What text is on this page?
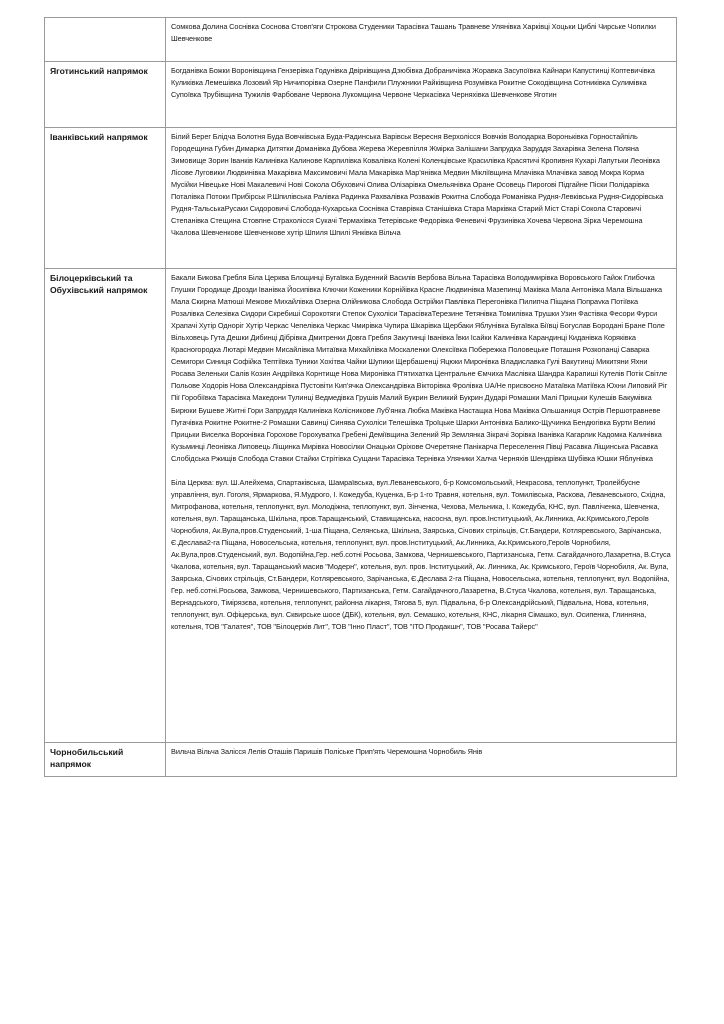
	Сомкова Долина Соснівка Соснова Стовп'яги Строкова Студеники Тарасівка Ташань Травневе Улянівка Харківці Хоцьки Циблі Чирське Чопилки Шевченкове

Яготинський напрямок	Богданівка Божки Воронівщина Гензерівка Годунівка Двірківщина Дзюбівка Добраничівка Жоравка Засупоївка Кайнари Капустинці Коптевичівка Куликівка Лемешівка Лозовий Яр Ничипорівка Озерне Панфили Плужники Райківщина Розумівка Рокитне Сокодівщина Сотниківка Сулимівка Супоївка Трубівщина Тужилів Фарбоване Червона Лукомщина Червоне Черкасівка Черняхівка Шевченкове Яготин

Іванківський напрямок	Білий Берег Блідча Болотня Буда Вовчківська Буда-Радинська Варівськ Вересня Верхолісся Вовчків Володарка Вороньківка Горностайпіль Городещина Губин Димарка Дитятки Доманівка Дубова Жерева Жеревпілля Жмірка Залішани Запрудка Заруддя Захарівка Зелена Поляна Зимовище Зорин Іванків Калинівка Калинове Карпилівка Ковалівка Колені Коленцівське Красилівка Красятичі Кропивня Кухарі Лапутьки Леонівка Лісове Луговики Людвинівка Макарівка Максимовичі Мала Макарівка Мар'янівка Медвин Мікліївщина Млачівка Млачівка завод Мокра Корма Мусійки Нівецьке Нові Макалевичі Нові Сокола Обуховичі Олива Олізарівка Омельянівка Оране Осовець Пирогові Підгайне Піски Полідарівка Поталівка Потоки Прибірськ Р.Шпилівська Ралівка Радинка Рахвалівка Розважів Рокитна Слобода Романівка Рудня-Левківська Рудня-Сидорівська Рудня-ТальськаРусаки Сидоровичі Слобода-Кухарська Соснівка Ставрівка Станішівка Стара Марківка Старий Міст Старі Сокола Старовичі Степанівка Стещина Стовпне Страхолісся Сукачі Термахівка Тетерівське Федорівка Феневичі Фрузинівка Хочева Червона Зірка Черемошна Чкалова Шевченкове Шевченкове хутір Шпиля Шпилі Янківка Вільча

Білоцерківський та Обухівський напрямок	Бакали Бикова Гребля Біла Церква Блощинці Бугаївка Буденний Василів Вербова Вільна Тарасівка Володимирівка Воровського Гайок Глибочка Глушки Городище Дрозди Іванівка Йосипівка Ключки Коженики Корнійівка Красне Людвинівка Мазепинці Маківка Мала Антонівка Мала Вільшанка Мала Скирна Матюші Межове Михайлівка Озерна Олійникова Слобода Острійки Павлівка Перегонівка Пилипча Піщана Попрavка Потіївка Розалівка Селезівка Сидори Скребиші Сорокотяги Степок Сухоліси ТарасівкаТерезине Тетянівка Томилівка Трушки Узин Фастівка Фесори Фурси Храпачі Хутір Одноріг Хутір Черкас Чепелівка Черкас Чмирівка Чупира Шкарівка Щербаки Яблунівка Бугаївка Біївці Богуслав Бородані Бране Поле Вільховець Гута Дешки Дибинці Дібрівка Дмитренки Довга Гребля Закутинці Іванівка Ївки Ісайки Калинівка Карандинці Киданівка Коряківка Красногородка Лютарі Медвин Мисайлівка Митаївка Михайлівка Москаленки Олексіївка Побережка Половецьке Поташня Розкопанці Саварка Семигори Синиця Софійка Тептіївка Туники Хохітва Чайки Шупики Щербашенці Яцюки Миронівка Владиславка Гулі Вакутинці Микитяни Яхни Росава Зеленьки Салів Козин Андріївка Корнтище Нова Миронівка П'ятихатка Центральне Ємчиха Маслівка Шандра Карапиші Кутелів Потік Світле Польове Ходорів Нова Олександрівка Пустовіти Кип'ячка Олександрівка Вікторівка Фролівка UA/Не присвоєно Матаївка Матіївка Юхни Липовий Ріг Пії Горобіївка Тарасівка Македони Тулинці Ведмедівка Грушів Малий Букрин Великий Букрин Дударі Ромашки Малі Прицьки Кулешів Бакумівка Бирюки Бушеве Житні Гори Запруддя Калинівка Колісникове Луб'янка Любка Маківка Настащка Нова Маківка Ольшаниця Острів Першотравневе Пугачівка Рокитне Рокитне-2 Ромашки Савинці Синява Сухоліси Телешівка Троїцьке Шарки Антонівка Балико-Щучинка Бендюгівка Бурти Великі Прицьки Виселка Воронівка Горохове Горохуватка Гребені Деміївщина Зелений Яр Землянка Зікрачі Зорівка Іванівка Кагарлик Кадомка Калинівка Кузьминці Леонівка Липовець Ліщинка Мирівка Новосілки Онацьки Оріхове Очеретяне Панікарча Переселення Півці Расавка Ліщинська Расавка Слобідська Ржищів Слобода Ставки Стайки Стрітівка Сущани Тарасівка Тернівка Уляники Халча Черняхів Шендрівка Шубівка Юшки Яблунівка

Біла Церква: вул. Ш.Алейхема, Спартаківська, Шамраївська, вул.Леваневського, б-р Комсомольський, Некрасова, теплопункт, Тролейбусне управління, вул. Гоголя, Ярмаркова, Я.Мудрого, І. Кожедуба, Куценка, Б-р 1-го Травня, котельня, вул. Томилівська, Раскова, Леваневського, Східна, Митрофанова, котельня, теплопункт, вул. Молодіжна, теплопункт, вул. Зінченка, Чехова, Мельника, І. Кожедуба, КНС, вул. Павліченка, Шевченка, котельня, вул. Таращанська, Шкільна, пров.Таращанський, Ставищанська, насосна, вул. пров.Інституцький, Ак.Линника, Ак.Кримського,Героїв Чорнобиля, Ак.Вула,пров.Студенський, 1-ша Піщана, Селянська, Шкільна, Заярська, Січових стрільців, Ст.Бандери, Котляревського, Зарічанська, Є.Деслава2-га Піщана, Новосельська, котельня, теплопункт, вул. пров.Інституцький, Ак.Линника, Ак.Кримського,Героїв Чорнобиля, Ак.Вула,пров.Студенський, вул. Водопійна,Гер. неб.сотні Росьова, Замкова, Чернишевського, Партизанська, Гетм. Сагайдачного,Лазаретна, В.Стуса Чкалова, котельня, вул. Таращанський масив "Модерн", котельня, вул. пров. Інституцький, Ак. Линника, Ак. Кримського, Героїв Чорнобиля, Ак. Вула, Заярська, Січових стрільців, Ст.Бандери, Котляревського, Зарічанська, Є.Деслава 2-га Піщана, Новосельська, котельня, теплопункт, вул. Водопійна, Гер. неб.сотні.Росьова, Замкова, Чернишевського, Партизанська, Гетм. Сагайдачного,Лазаретна, В.Стуса Чкалова, котельня, вул. Таращанська, Вернадського, Тімірязєва, котельня, теплопункт, районна лікарня, Тягова 5, вул. Підвальна, б-р Олександрійський, Підвальна, Нова, котельня, теплопункт, вул. Офіцерська, вул. Сквирське шосе (ДБК), котельня, вул. Семашко, котельня, КНС, лікарня Сімашко, вул. Осипенка, Глинняна, котельня, ТОВ "Галатея", ТОВ "Білоцерків Лит", ТОВ "Інно Пласт", ТОВ "ІТО Продакшн", ТОВ "Росава Тайерс"

Чорнобильський напрямок	Вильча Вільча Залісся Лелів Оташів Паришів Поліське Прип'ять Черемошна Чорнобиль Янів
